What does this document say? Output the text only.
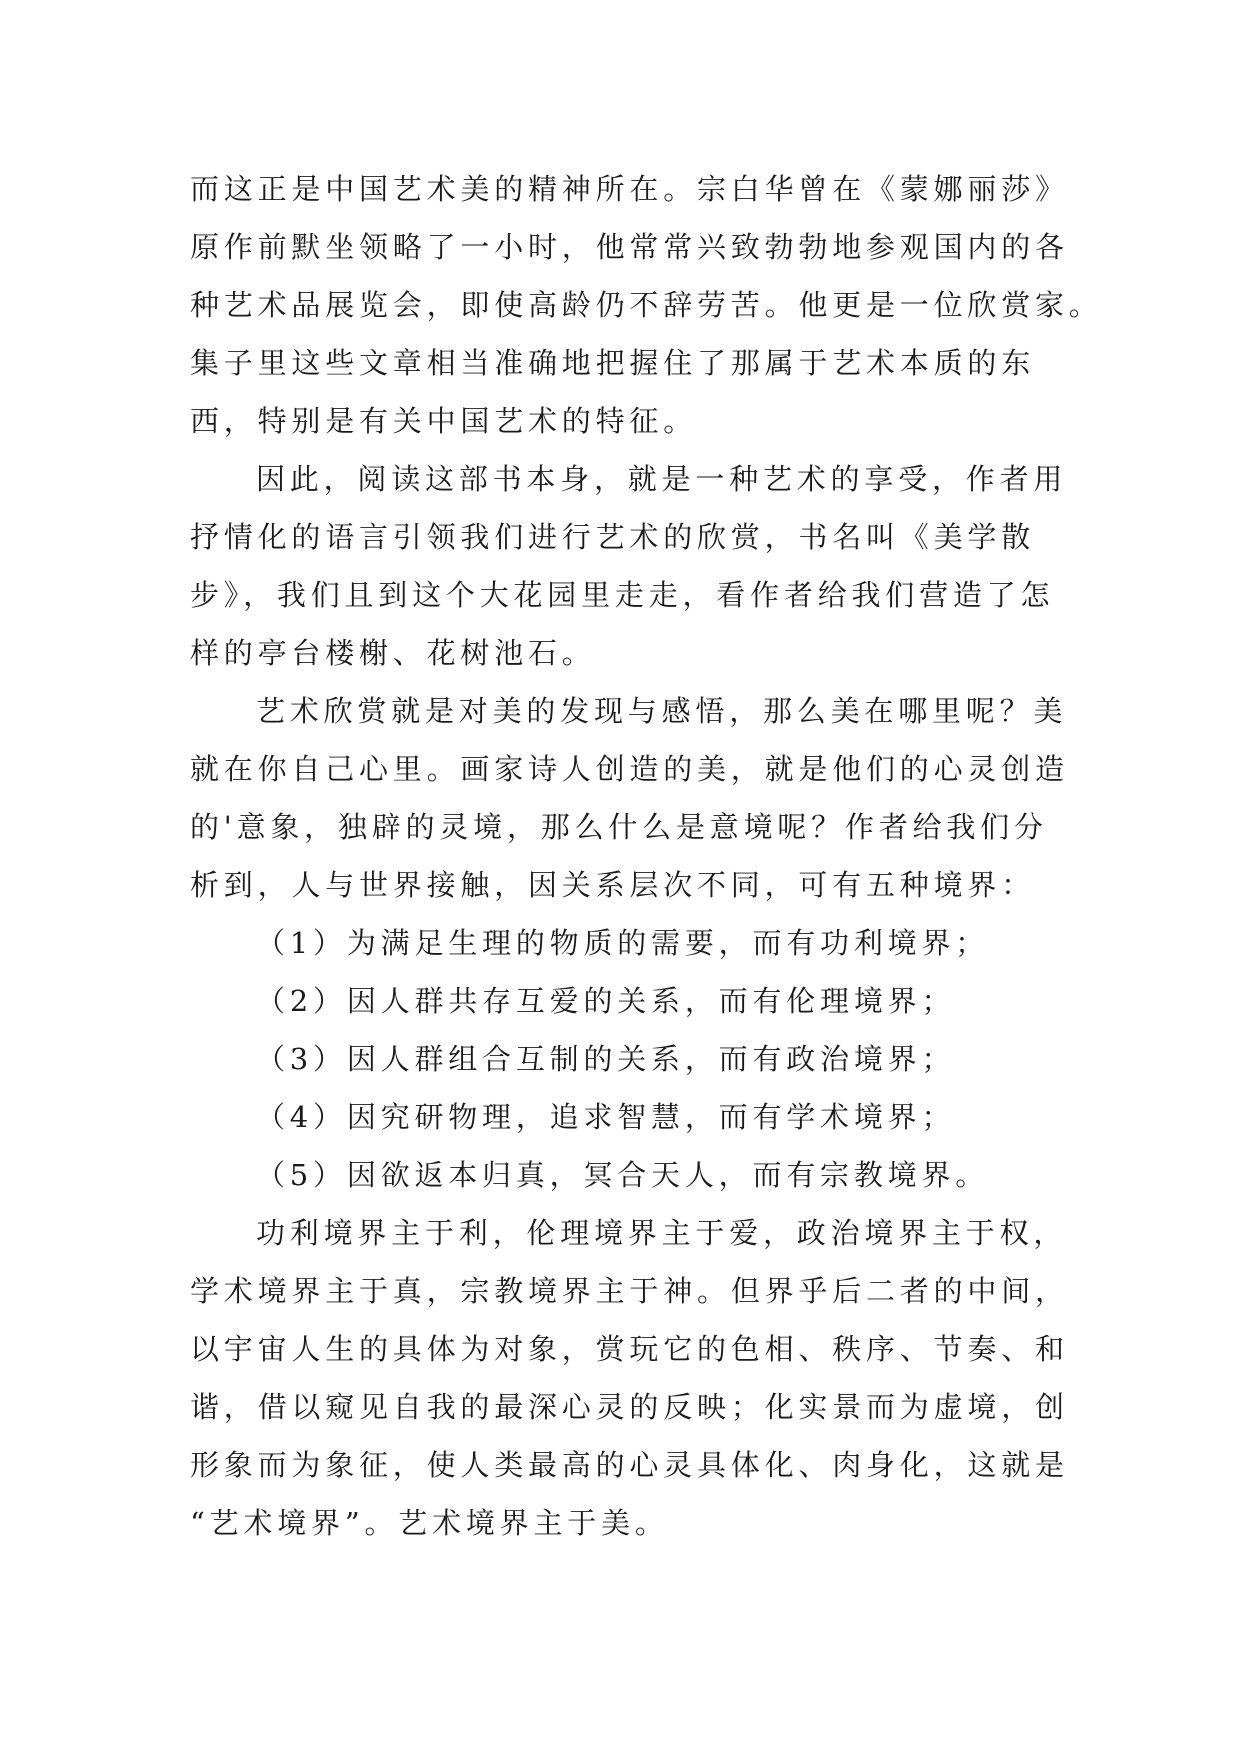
而这正是中国艺术美的精神所在。宗白华曾在《蒙娜丽莎》

原作前默坐领略了一小时，他常常兴致勃勃地参观国内的各

种艺术品展览会，即使高龄仍不辞劳苦。他更是一位欣赏家。

集子里这些文章相当准确地把握住了那属于艺术本质的东

西，特别是有关中国艺术的特征。

因此，阅读这部书本身，就是一种艺术的享受，作者用

抒情化的语言引领我们进行艺术的欣赏，书名叫《美学散

步》，我们且到这个大花园里走走，看作者给我们营造了怎

样的亭台楼榭、花树池石。

艺术欣赏就是对美的发现与感悟，那么美在哪里呢？美

就在你自己心里。画家诗人创造的美，就是他们的心灵创造

的'意象，独辟的灵境，那么什么是意境呢？作者给我们分

析到，人与世界接触，因关系层次不同，可有五种境界：

（1）为满足生理的物质的需要，而有功利境界；

（2）因人群共存互爱的关系，而有伦理境界；

（3）因人群组合互制的关系，而有政治境界；

（4）因究研物理，追求智慧，而有学术境界；

（5）因欲返本归真，冥合天人，而有宗教境界。

功利境界主于利，伦理境界主于爱，政治境界主于权，

学术境界主于真，宗教境界主于神。但界乎后二者的中间，

以宇宙人生的具体为对象，赏玩它的色相、秩序、节奏、和

谐，借以窥见自我的最深心灵的反映；化实景而为虚境，创

形象而为象征，使人类最高的心灵具体化、肉身化，这就是

“艺术境界”。艺术境界主于美。
